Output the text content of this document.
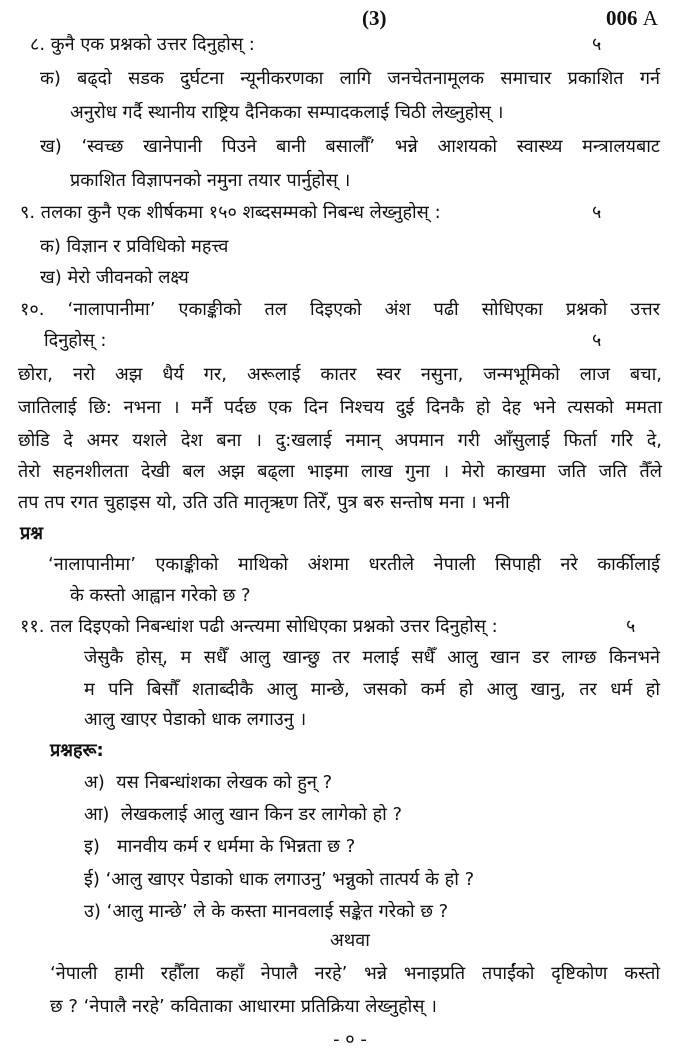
(3)	006 A
८. कुनै एक प्रश्नको उत्तर दिनुहोस् :	५
क) बढ्दो सडक दुर्घटना न्यूनीकरणका लागि जनचेतनामूलक समाचार प्रकाशित गर्न
अनुरोध गर्दै स्थानीय राष्ट्रिय दैनिकका सम्पादकलाई चिठी लेख्नुहोस् ।
ख) ‘स्वच्छ खानेपानी पिउने बानी बसालौँ’ भन्ने आशयको स्वास्थ्य मन्त्रालयबाट
प्रकाशित विज्ञापनको नमुना तयार पार्नुहोस् ।
९. तलका कुनै एक शीर्षकमा १५० शब्दसम्मको निबन्ध लेख्नुहोस् :	५
क) विज्ञान र प्रविधिको महत्त्व
ख) मेरो जीवनको लक्ष्य
१०. ‘नालापानीमा’ एकाङ्कीको तल दिइएको अंश पढी सोधिएका प्रश्नको उत्तर
दिनुहोस् :	५
छोरा, नरो अझ धैर्य गर, अरूलाई कातर स्वर नसुना, जन्मभूमिको लाज बचा,
जातिलाई छि: नभना । मर्नै पर्दछ एक दिन निश्चय दुई दिनकै हो देह भने त्यसको ममता
छोडि दे अमर यशले देश बना । दु:खलाई नमान् अपमान गरी आँसुलाई फिर्ता गरि दे,
तेरो सहनशीलता देखी बल अझ बढ्ला भाइमा लाख गुना । मेरो काखमा जति जति तैँले
तप तप रगत चुहाइस यो, उति उति मातृऋण तिरेँ, पुत्र बरु सन्तोष मना । भनी
प्रश्न
‘नालापानीमा’ एकाङ्कीको माथिको अंशमा धरतीले नेपाली सिपाही नरे कार्कीलाई
के कस्तो आह्वान गरेको छ ?
११. तल दिइएको निबन्धांश पढी अन्त्यमा सोधिएका प्रश्नको उत्तर दिनुहोस् :	५
जेसुकै होस्, म सधैँ आलु खान्छु तर मलाई सधैँ आलु खान डर लाग्छ किनभने
म पनि बिसौँ शताब्दीकै आलु मान्छे, जसको कर्म हो आलु खानु, तर धर्म हो
आलु खाएर पेडाको धाक लगाउनु ।
प्रश्नहरू:
अ)  यस निबन्धांशका लेखक को हुन् ?
आ)  लेखकलाई आलु खान किन डर लागेको हो ?
इ)   मानवीय कर्म र धर्ममा के भिन्नता छ ?
ई) ‘आलु खाएर पेडाको धाक लगाउनु’ भन्नुको तात्पर्य के हो ?
उ) ‘आलु मान्छे’ ले के कस्ता मानवलाई सङ्केत गरेको छ ?
अथवा
‘नेपाली हामी रहौँला कहाँ नेपालै नरहे’ भन्ने भनाइप्रति तपाईंको दृष्टिकोण कस्तो
छ ? ‘नेपालै नरहे’ कविताका आधारमा प्रतिक्रिया लेख्नुहोस् ।
- ० -
